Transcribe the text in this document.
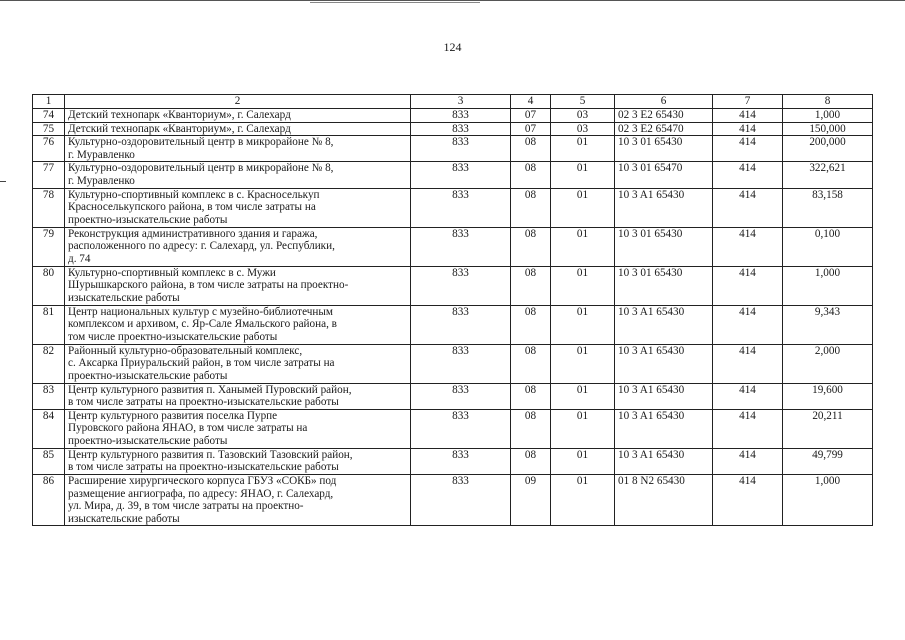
124
1	2	3	4	5	6	7	8
74	Детский технопарк «Кванториум», г. Салехард	833	07	03	02 3 E2 65430	414	1,000
75	Детский технопарк «Кванториум», г. Салехард	833	07	03	02 3 E2 65470	414	150,000
76	Культурно-оздоровительный центр в микрорайоне № 8,
г. Муравленко	833	08	01	10 3 01 65430	414	200,000
77	Культурно-оздоровительный центр в микрорайоне № 8,
г. Муравленко	833	08	01	10 3 01 65470	414	322,621
78	Культурно-спортивный комплекс в с. Красноселькуп
Красноселькупского района, в том числе затраты на
проектно-изыскательские работы	833	08	01	10 3 A1 65430	414	83,158
79	Реконструкция административного здания и гаража,
расположенного по адресу: г. Салехард, ул. Республики,
д. 74	833	08	01	10 3 01 65430	414	0,100
80	Культурно-спортивный комплекс в с. Мужи
Шурышкарского района, в том числе затраты на проектно-
изыскательские работы	833	08	01	10 3 01 65430	414	1,000
81	Центр национальных культур с музейно-библиотечным
комплексом и архивом, с. Яр-Сале Ямальского района, в
том числе проектно-изыскательские работы	833	08	01	10 3 A1 65430	414	9,343
82	Районный культурно-образовательный комплекс,
с. Аксарка Приуральский район, в том числе затраты на
проектно-изыскательские работы	833	08	01	10 3 A1 65430	414	2,000
83	Центр культурного развития п. Ханымей Пуровский район,
в том числе затраты на проектно-изыскательские работы	833	08	01	10 3 A1 65430	414	19,600
84	Центр культурного развития поселка Пурпе
Пуровского района ЯНАО, в том числе затраты на
проектно-изыскательские работы	833	08	01	10 3 A1 65430	414	20,211
85	Центр культурного развития п. Тазовский Тазовский район,
в том числе затраты на проектно-изыскательские работы	833	08	01	10 3 A1 65430	414	49,799
86	Расширение хирургического корпуса ГБУЗ «СОКБ» под
размещение ангиографа, по адресу: ЯНАО, г. Салехард,
ул. Мира, д. 39, в том числе затраты на проектно-
изыскательские работы	833	09	01	01 8 N2 65430	414	1,000
